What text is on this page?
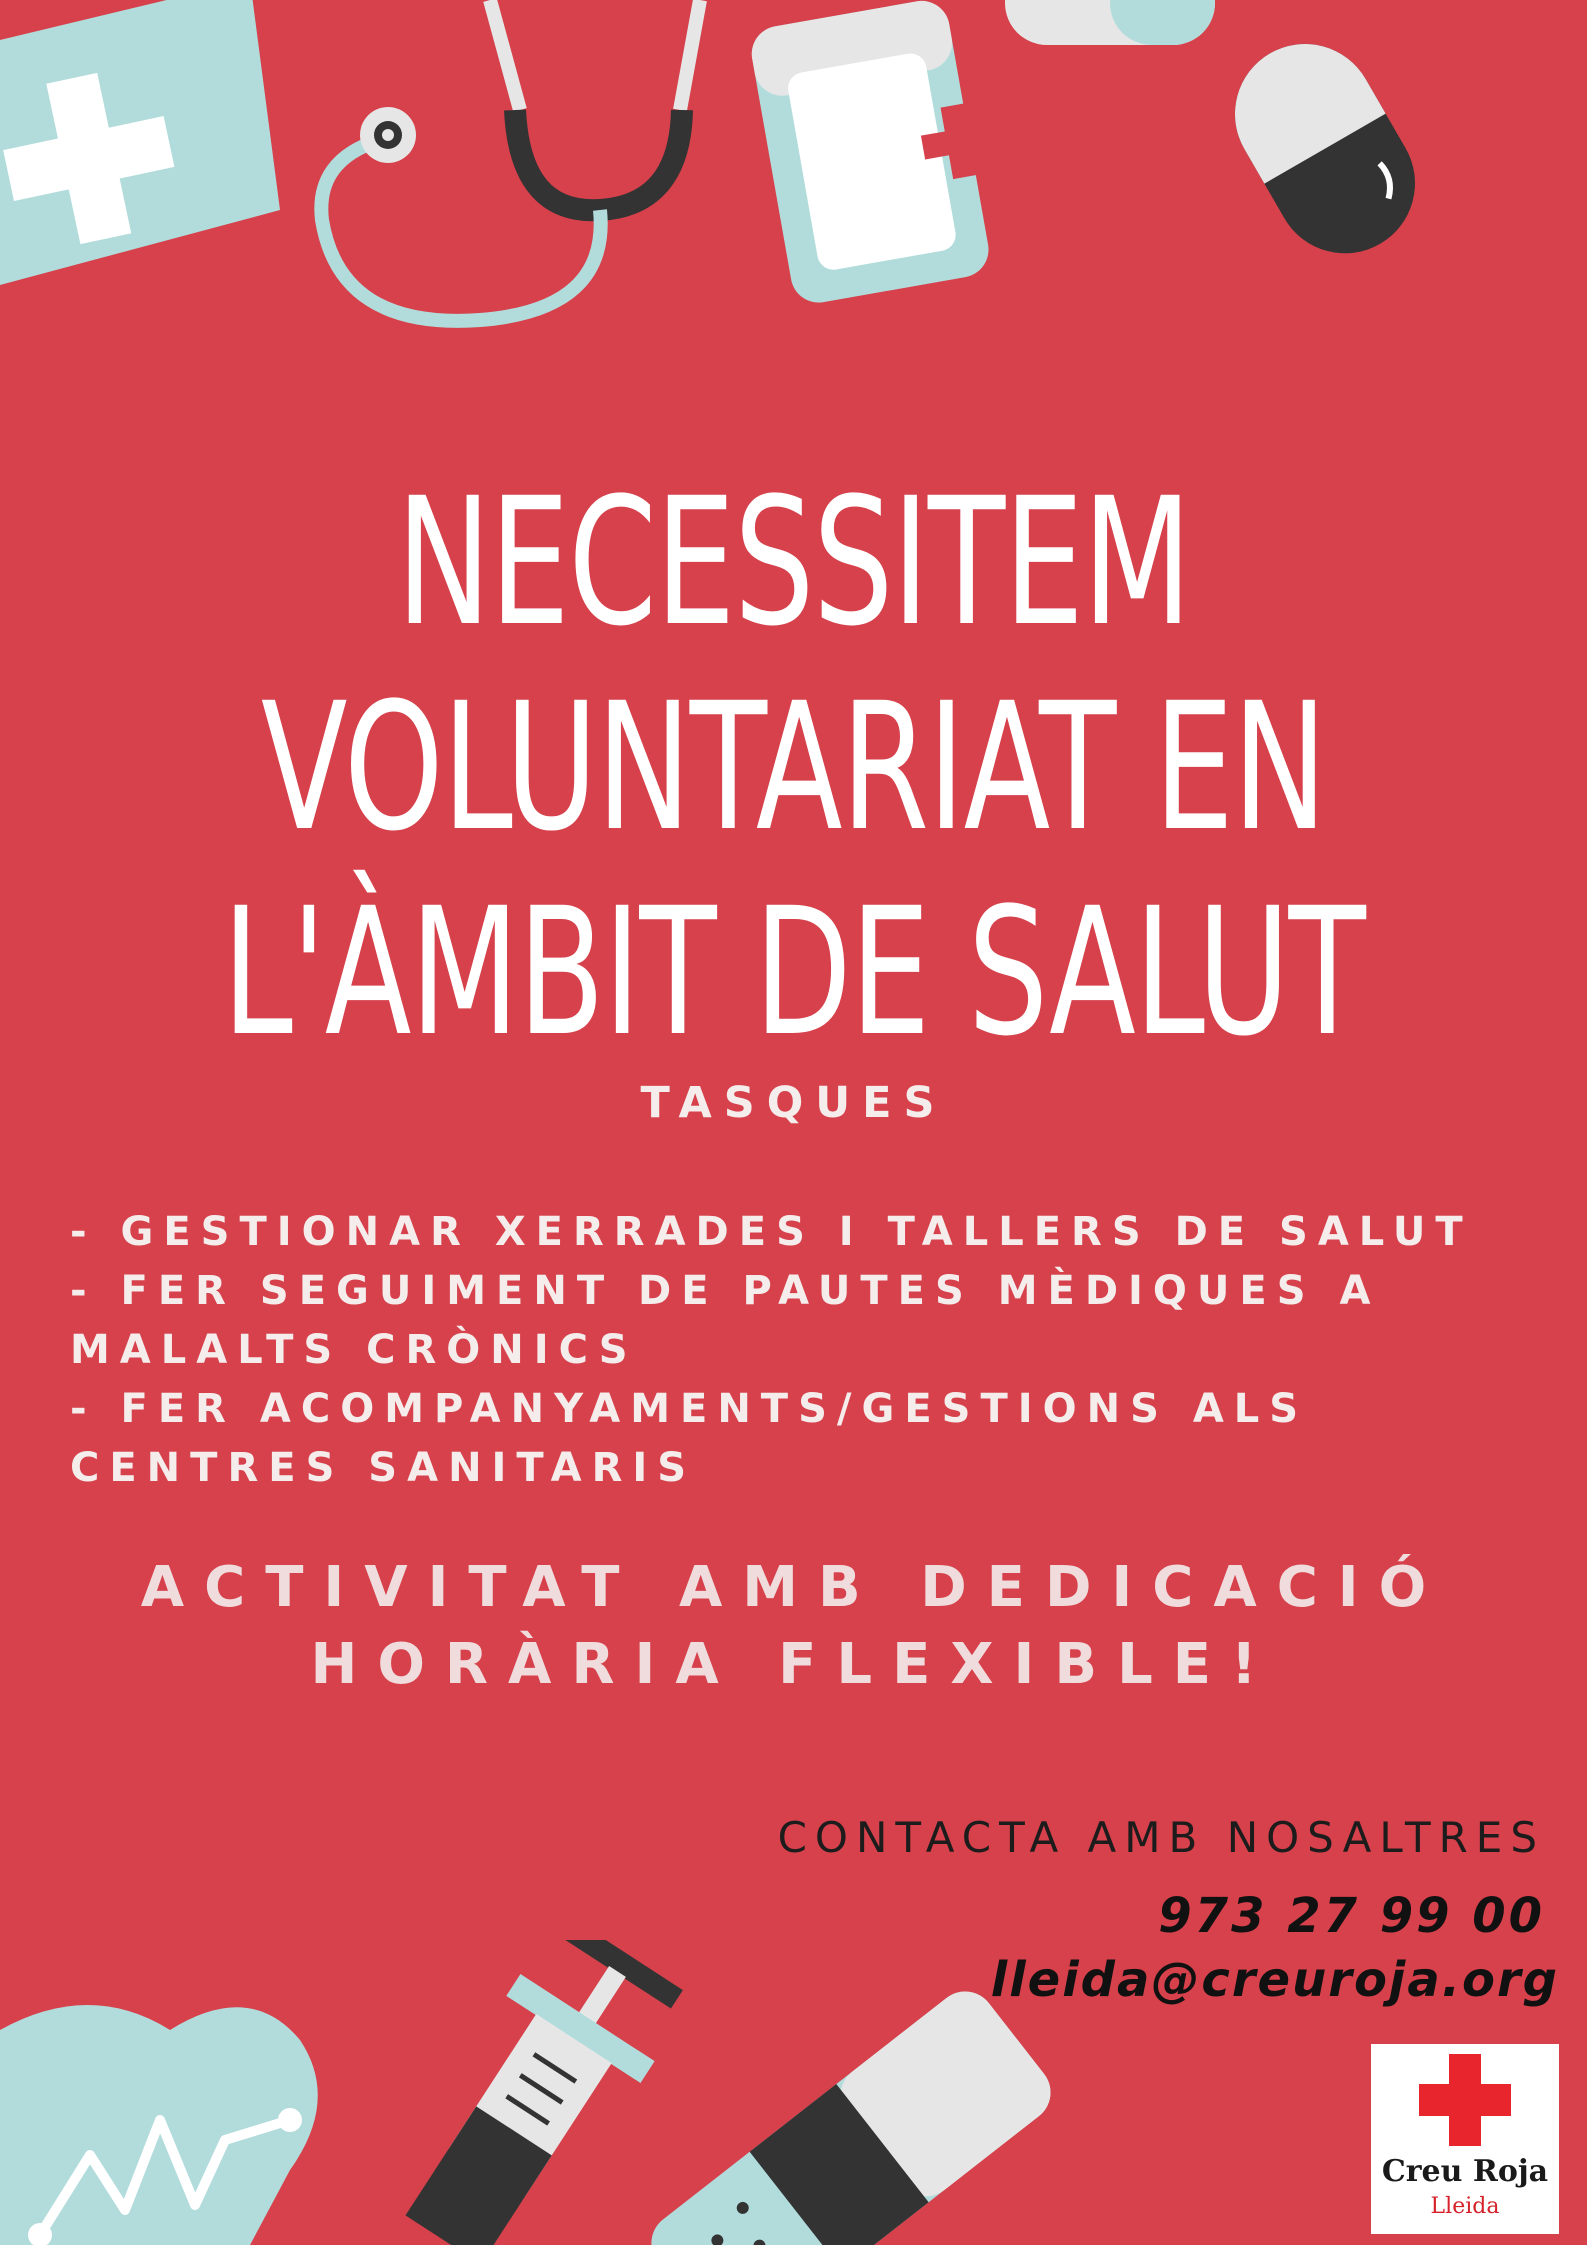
NECESSITEM
VOLUNTARIAT EN
L'ÀMBIT DE SALUT
TASQUES
- GESTIONAR XERRADES I TALLERS DE SALUT
- FER SEGUIMENT DE PAUTES MÈDIQUES A
MALALTS CRÒNICS
- FER ACOMPANYAMENTS/GESTIONS ALS
CENTRES SANITARIS
ACTIVITAT AMB DEDICACIÓ
HORÀRIA FLEXIBLE!
CONTACTA AMB NOSALTRES
973 27 99 00
lleida@creuroja.org
Creu Roja
Lleida
